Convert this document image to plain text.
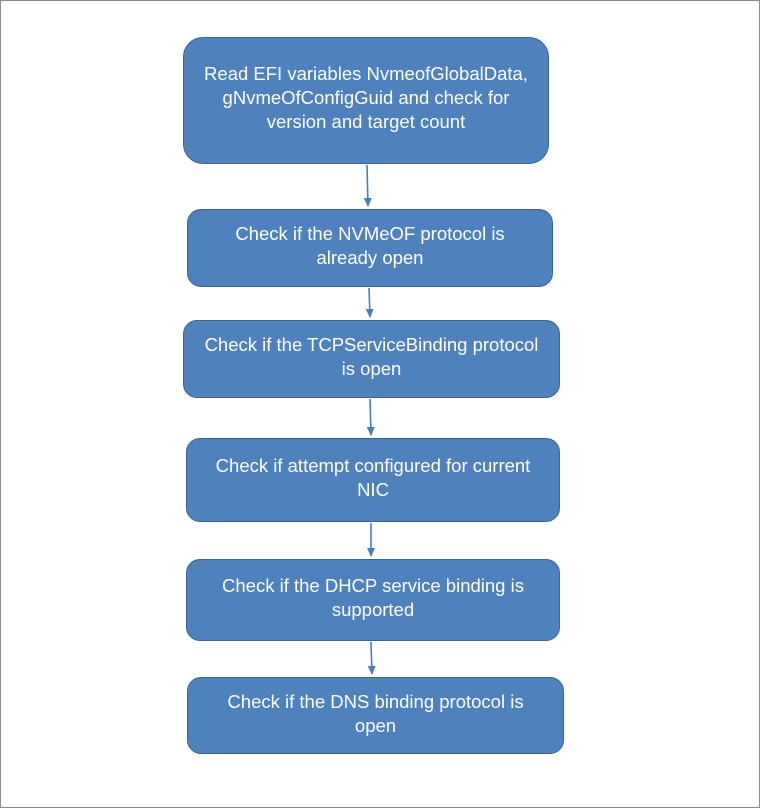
Read EFI variables NvmeofGlobalData, gNvmeOfConfigGuid and check for version and target count
Check if the NVMeOF protocol is already open
Check if the TCPServiceBinding protocol is open
Check if attempt configured for current NIC
Check if the DHCP service binding is supported
Check if the DNS binding protocol is open
